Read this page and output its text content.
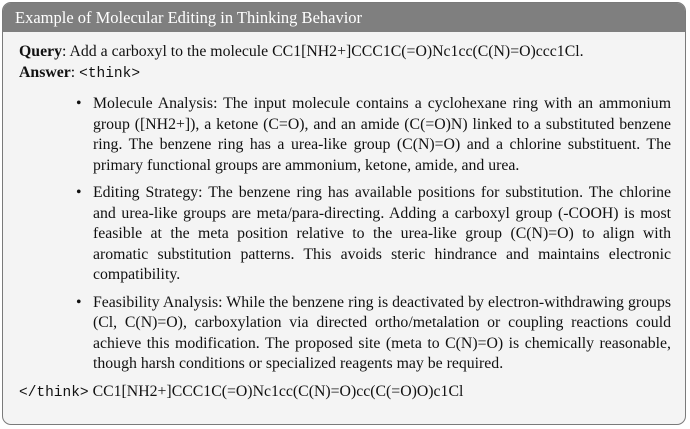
Example of Molecular Editing in Thinking Behavior

Query: Add a carboxyl to the molecule CC1[NH2+]CCC1C(=O)Nc1cc(C(N)=O)ccc1Cl.

Answer: <think>

• Molecule Analysis: The input molecule contains a cyclohexane ring with an ammonium group ([NH2+]), a ketone (C=O), and an amide (C(=O)N) linked to a substituted benzene ring. The benzene ring has a urea-like group (C(N)=O) and a chlorine substituent. The primary functional groups are ammonium, ketone, amide, and urea.
• Editing Strategy: The benzene ring has available positions for substitution. The chlorine and urea-like groups are meta/para-directing. Adding a carboxyl group (-COOH) is most feasible at the meta position relative to the urea-like group (C(N)=O) to align with aromatic substitution patterns. This avoids steric hindrance and maintains electronic compatibility.
• Feasibility Analysis: While the benzene ring is deactivated by electron-withdrawing groups (Cl, C(N)=O), carboxylation via directed ortho/metalation or coupling reactions could achieve this modification. The proposed site (meta to C(N)=O) is chemically reasonable, though harsh conditions or specialized reagents may be required.

</think> CC1[NH2+]CCC1C(=O)Nc1cc(C(N)=O)cc(C(=O)O)c1Cl
